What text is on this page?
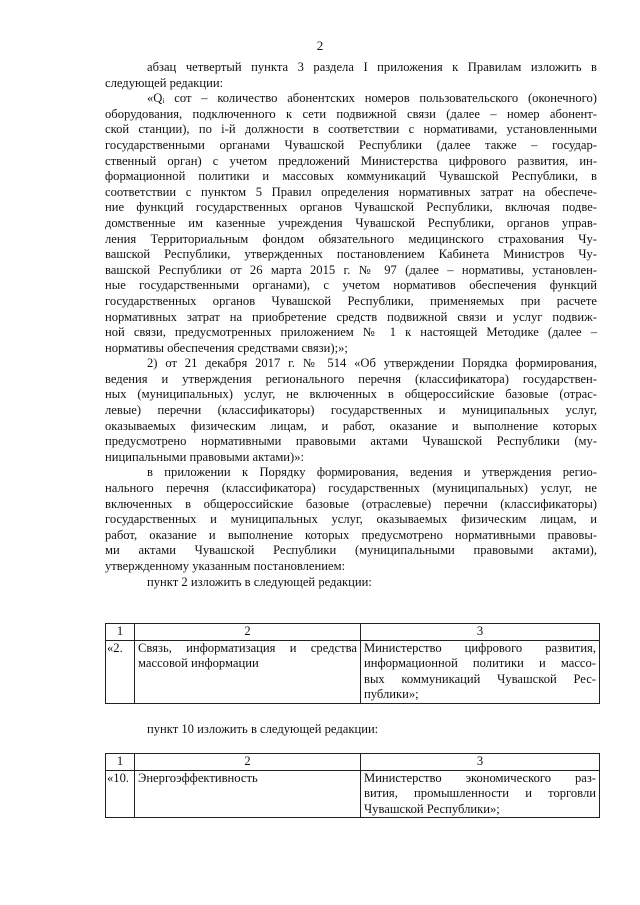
2

абзац четвертый пункта 3 раздела I приложения к Правилам изложить в
следующей редакции:

«Qᵢ сот – количество абонентских номеров пользовательского (оконечного)
оборудования, подключенного к сети подвижной связи (далее – номер абонент-
ской станции), по i-й должности в соответствии с нормативами, установленными
государственными органами Чувашской Республики (далее также – государ-
ственный орган) с учетом предложений Министерства цифрового развития, ин-
формационной политики и массовых коммуникаций Чувашской Республики, в
соответствии с пунктом 5 Правил определения нормативных затрат на обеспече-
ние функций государственных органов Чувашской Республики, включая подве-
домственные им казенные учреждения Чувашской Республики, органов управ-
ления Территориальным фондом обязательного медицинского страхования Чу-
вашской Республики, утвержденных постановлением Кабинета Министров Чу-
вашской Республики от 26 марта 2015 г. № 97 (далее – нормативы, установлен-
ные государственными органами), с учетом нормативов обеспечения функций
государственных органов Чувашской Республики, применяемых при расчете
нормативных затрат на приобретение средств подвижной связи и услуг подвиж-
ной связи, предусмотренных приложением № 1 к настоящей Методике (далее –
нормативы обеспечения средствами связи);»;
2) от 21 декабря 2017 г. № 514 «Об утверждении Порядка формирования,
ведения и утверждения регионального перечня (классификатора) государствен-
ных (муниципальных) услуг, не включенных в общероссийские базовые (отрас-
левые) перечни (классификаторы) государственных и муниципальных услуг,
оказываемых физическим лицам, и работ, оказание и выполнение которых
предусмотрено нормативными правовыми актами Чувашской Республики (му-
ниципальными правовыми актами)»:
в приложении к Порядку формирования, ведения и утверждения регио-
нального перечня (классификатора) государственных (муниципальных) услуг, не
включенных в общероссийские базовые (отраслевые) перечни (классификаторы)
государственных и муниципальных услуг, оказываемых физическим лицам, и
работ, оказание и выполнение которых предусмотрено нормативными правовы-
ми актами Чувашской Республики (муниципальными правовыми актами),
утвержденному указанным постановлением:
пункт 2 изложить в следующей редакции:
1	2	3
«2.	Связь, информатизация и средства
массовой информации	Министерство цифрового развития,
информационной политики и массо-
вых коммуникаций Чувашской Рес-
публики»;
пункт 10 изложить в следующей редакции:
1	2	3
«10.	Энергоэффективность	Министерство экономического раз-
вития, промышленности и торговли
Чувашской Республики»;
